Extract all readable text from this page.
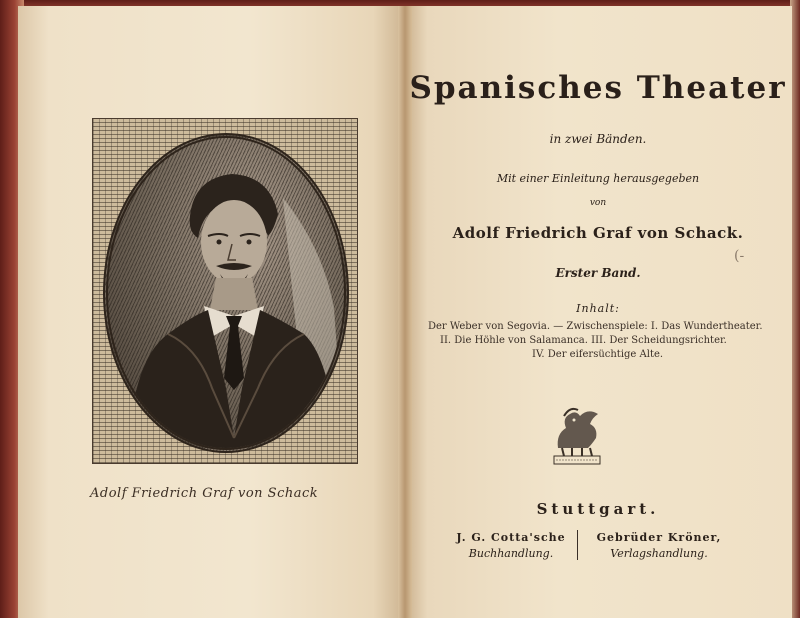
Adolf Friedrich Graf von Schack
Spanisches Theater
in zwei Bänden.
Mit einer Einleitung herausgegeben
von
Adolf Friedrich Graf von Schack.
Erster Band.
Inhalt:
Der Weber von Segovia. — Zwischenspiele: I. Das Wundertheater.
II. Die Höhle von Salamanca. III. Der Scheidungsrichter.
IV. Der eifersüchtige Alte.
Stuttgart.
J. G. Cotta'sche
Buchhandlung.
Gebrüder Kröner,
Verlagshandlung.
(-
